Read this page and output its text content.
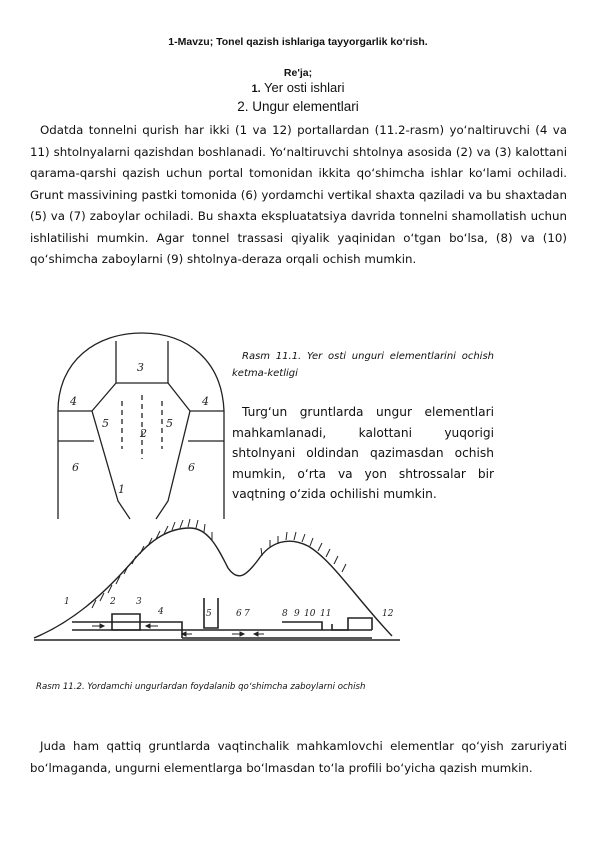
1-Mavzu; Tonel qazish ishlariga tayyorgarlik ko‘rish.
Re'ja;
1. Yer osti ishlari
2. Ungur elementlari
Odatda tonnelni qurish har ikki (1 va 12) portallardan (11.2-rasm) yo‘naltiruvchi (4 va 11) shtolnyalarni qazishdan boshlanadi. Yo‘naltiruvchi shtolnya asosida (2) va (3) kalottani qarama-qarshi qazish uchun portal tomonidan ikkita qo‘shimcha ishlar ko‘lami ochiladi. Grunt massivining pastki tomonida (6) yordamchi vertikal shaxta qaziladi va bu shaxtadan (5) va (7) zaboylar ochiladi. Bu shaxta ekspluatatsiya davrida tonnelni shamollatish uchun ishlatilishi mumkin. Agar tonnel trassasi qiyalik yaqinidan o‘tgan bo‘lsa, (8) va (10) qo‘shimcha zaboylarni (9) shtolnya-deraza orqali ochish mumkin.
3
4	4
5
2
5
6	6
1
Rasm 11.1. Yer osti unguri elementlarini ochish ketma-ketligi
Turg‘un gruntlarda ungur elementlari mahkamlanadi, kalottani yuqorigi shtolnyani oldindan qazimasdan ochish mumkin, o‘rta va yon shtrossalar bir vaqtning o‘zida ochilishi mumkin.
1	2 3
4	5	6 7	8 9 10 11	12
Rasm 11.2. Yordamchi ungurlardan foydalanib qo‘shimcha zaboylarni ochish
Juda ham qattiq gruntlarda vaqtinchalik mahkamlovchi elementlar qo‘yish zaruriyati bo‘lmaganda, ungurni elementlarga bo‘lmasdan to‘la profili bo‘yicha qazish mumkin.
